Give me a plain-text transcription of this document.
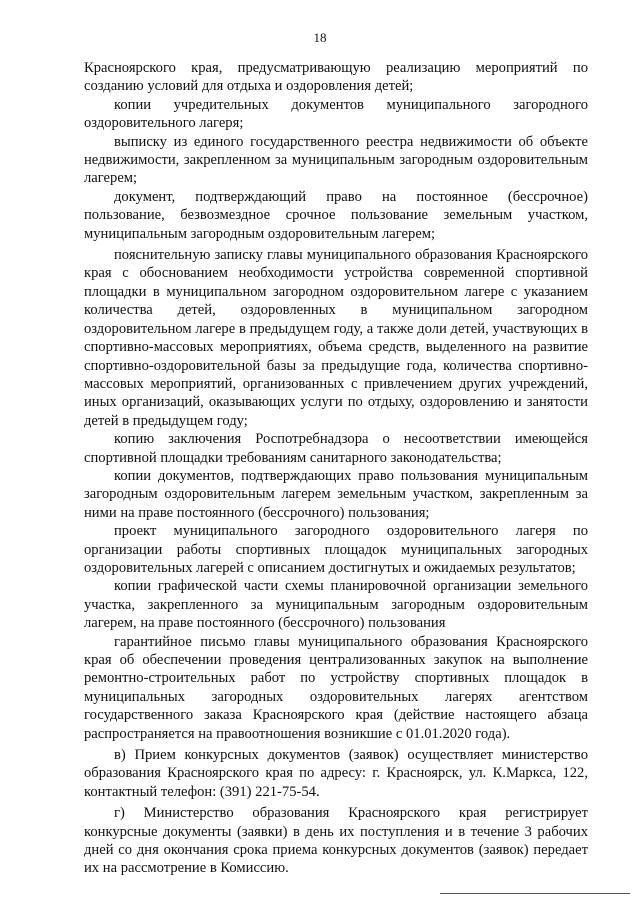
18

Красноярского края, предусматривающую реализацию мероприятий по созданию условий для отдыха и оздоровления детей;

копии учредительных документов муниципального загородного оздоровительного лагеря;

выписку из единого государственного реестра недвижимости об объекте недвижимости, закрепленном за муниципальным загородным оздоровительным лагерем;

документ, подтверждающий право на постоянное (бессрочное) пользование, безвозмездное срочное пользование земельным участком, муниципальным загородным оздоровительным лагерем;

пояснительную записку главы муниципального образования Красноярского края с обоснованием необходимости устройства современной спортивной площадки в муниципальном загородном оздоровительном лагере с указанием количества детей, оздоровленных в муниципальном загородном оздоровительном лагере в предыдущем году, а также доли детей, участвующих в спортивно-массовых мероприятиях, объема средств, выделенного на развитие спортивно-оздоровительной базы за предыдущие года, количества спортивно-массовых мероприятий, организованных с привлечением других учреждений, иных организаций, оказывающих услуги по отдыху, оздоровлению и занятости детей в предыдущем году;

копию заключения Роспотребнадзора о несоответствии имеющейся спортивной площадки требованиям санитарного законодательства;

копии документов, подтверждающих право пользования муниципальным загородным оздоровительным лагерем земельным участком, закрепленным за ними на праве постоянного (бессрочного) пользования;

проект муниципального загородного оздоровительного лагеря по организации работы спортивных площадок муниципальных загородных оздоровительных лагерей с описанием достигнутых и ожидаемых результатов;

копии графической части схемы планировочной организации земельного участка, закрепленного за муниципальным загородным оздоровительным лагерем, на праве постоянного (бессрочного) пользования

гарантийное письмо главы муниципального образования Красноярского края об обеспечении проведения централизованных закупок на выполнение ремонтно-строительных работ по устройству спортивных площадок в муниципальных загородных оздоровительных лагерях агентством государственного заказа Красноярского края (действие настоящего абзаца распространяется на правоотношения возникшие с 01.01.2020 года).

в) Прием конкурсных документов (заявок) осуществляет министерство образования Красноярского края по адресу: г. Красноярск, ул. К.Маркса, 122, контактный телефон: (391) 221-75-54.

г) Министерство образования Красноярского края регистрирует конкурсные документы (заявки) в день их поступления и в течение 3 рабочих дней со дня окончания срока приема конкурсных документов (заявок) передает их на рассмотрение в Комиссию.
